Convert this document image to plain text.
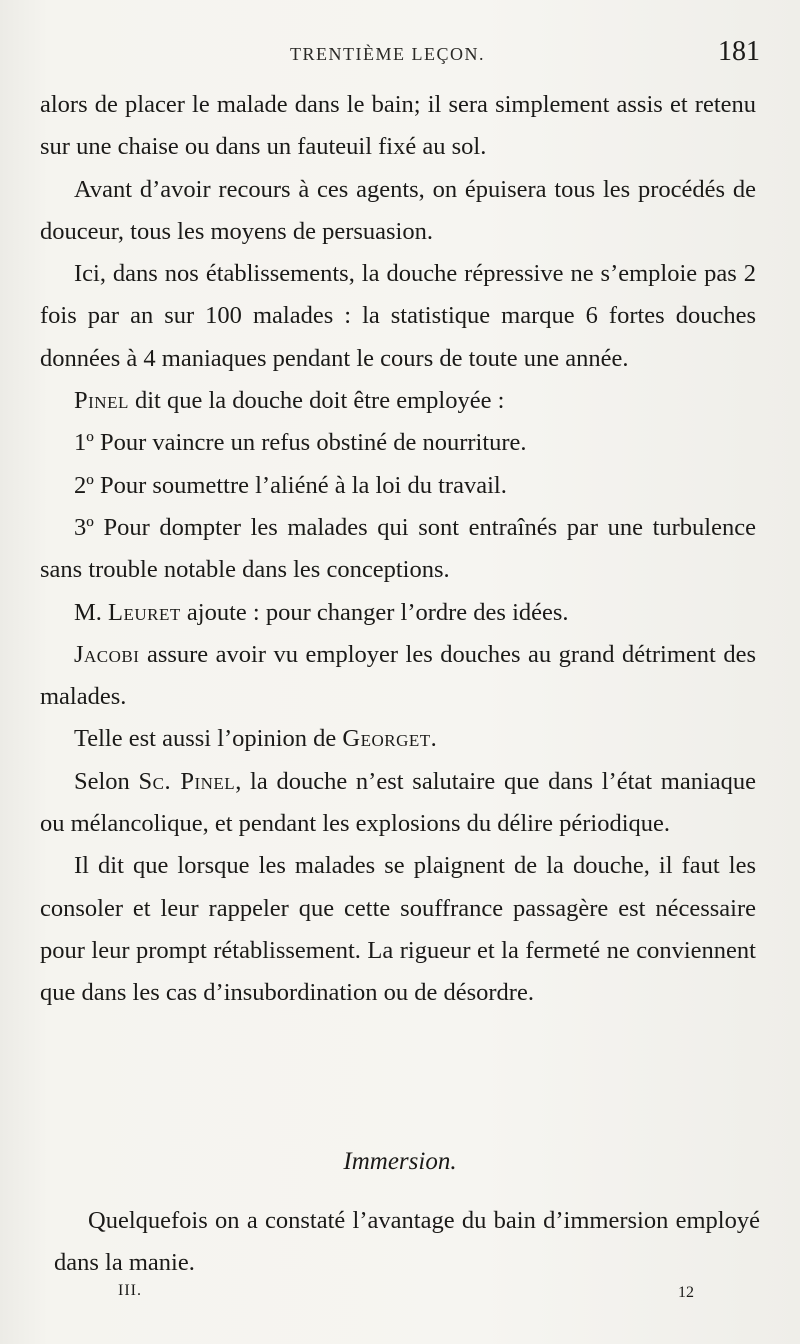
TRENTIÈME LEÇON.	181

alors de placer le malade dans le bain; il sera simplement assis et retenu sur une chaise ou dans un fauteuil fixé au sol.

Avant d’avoir recours à ces agents, on épuisera tous les procédés de douceur, tous les moyens de persuasion.

Ici, dans nos établissements, la douche répressive ne s’emploie pas 2 fois par an sur 100 malades : la statistique marque 6 fortes douches données à 4 maniaques pendant le cours de toute une année.

Pinel dit que la douche doit être employée :

1º Pour vaincre un refus obstiné de nourriture.

2º Pour soumettre l’aliéné à la loi du travail.

3º Pour dompter les malades qui sont entraînés par une turbulence sans trouble notable dans les conceptions.

M. Leuret ajoute : pour changer l’ordre des idées.

Jacobi assure avoir vu employer les douches au grand détriment des malades.

Telle est aussi l’opinion de Georget.

Selon Sc. Pinel, la douche n’est salutaire que dans l’état maniaque ou mélancolique, et pendant les explosions du délire périodique.

Il dit que lorsque les malades se plaignent de la douche, il faut les consoler et leur rappeler que cette souffrance passagère est nécessaire pour leur prompt rétablissement. La rigueur et la fermeté ne conviennent que dans les cas d’insubordination ou de désordre.

Immersion.

Quelquefois on a constaté l’avantage du bain d’immersion employé dans la manie.

III.	12
